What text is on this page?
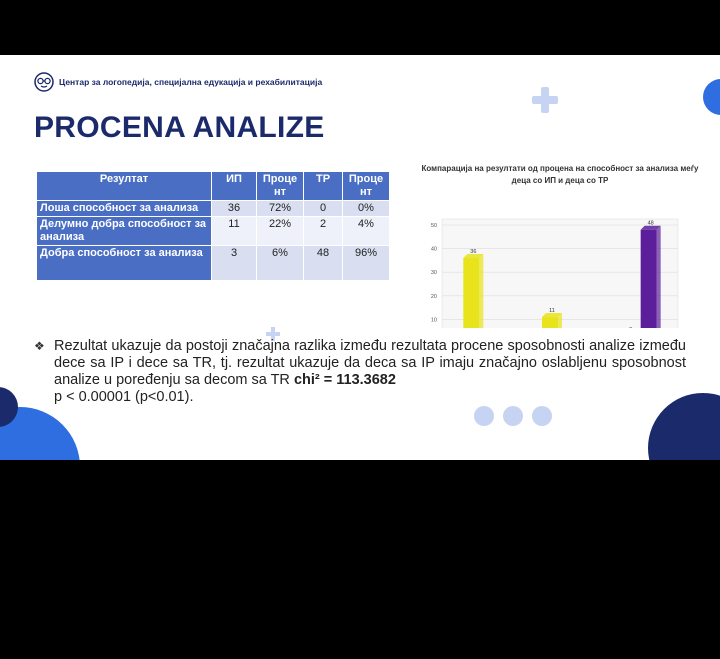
Центар за логопедија, специјална едукација и рехабилитација
PROCENA ANALIZE
Резултат	ИП	Проце нт	ТР	Проце нт
Лоша способност за анализа	36	72%	0	0%
Делумно добра способност за анализа	11	22%	2	4%
Добра способност за анализа	3	6%	48	96%
Компарација на резултати од процена на способност за анализа меѓу деца со ИП и деца со ТР
10
20
30
40
50
36
11
48
❖ Rezultat ukazuje da postoji značajna razlika između rezultata procene sposobnosti analize između dece sa IP i dece sa TR, tj. rezultat ukazuje da deca sa IP imaju značajno oslabljenu sposobnost analize u poređenju sa decom sa TR chi² = 113.3682
p < 0.00001 (p<0.01).
